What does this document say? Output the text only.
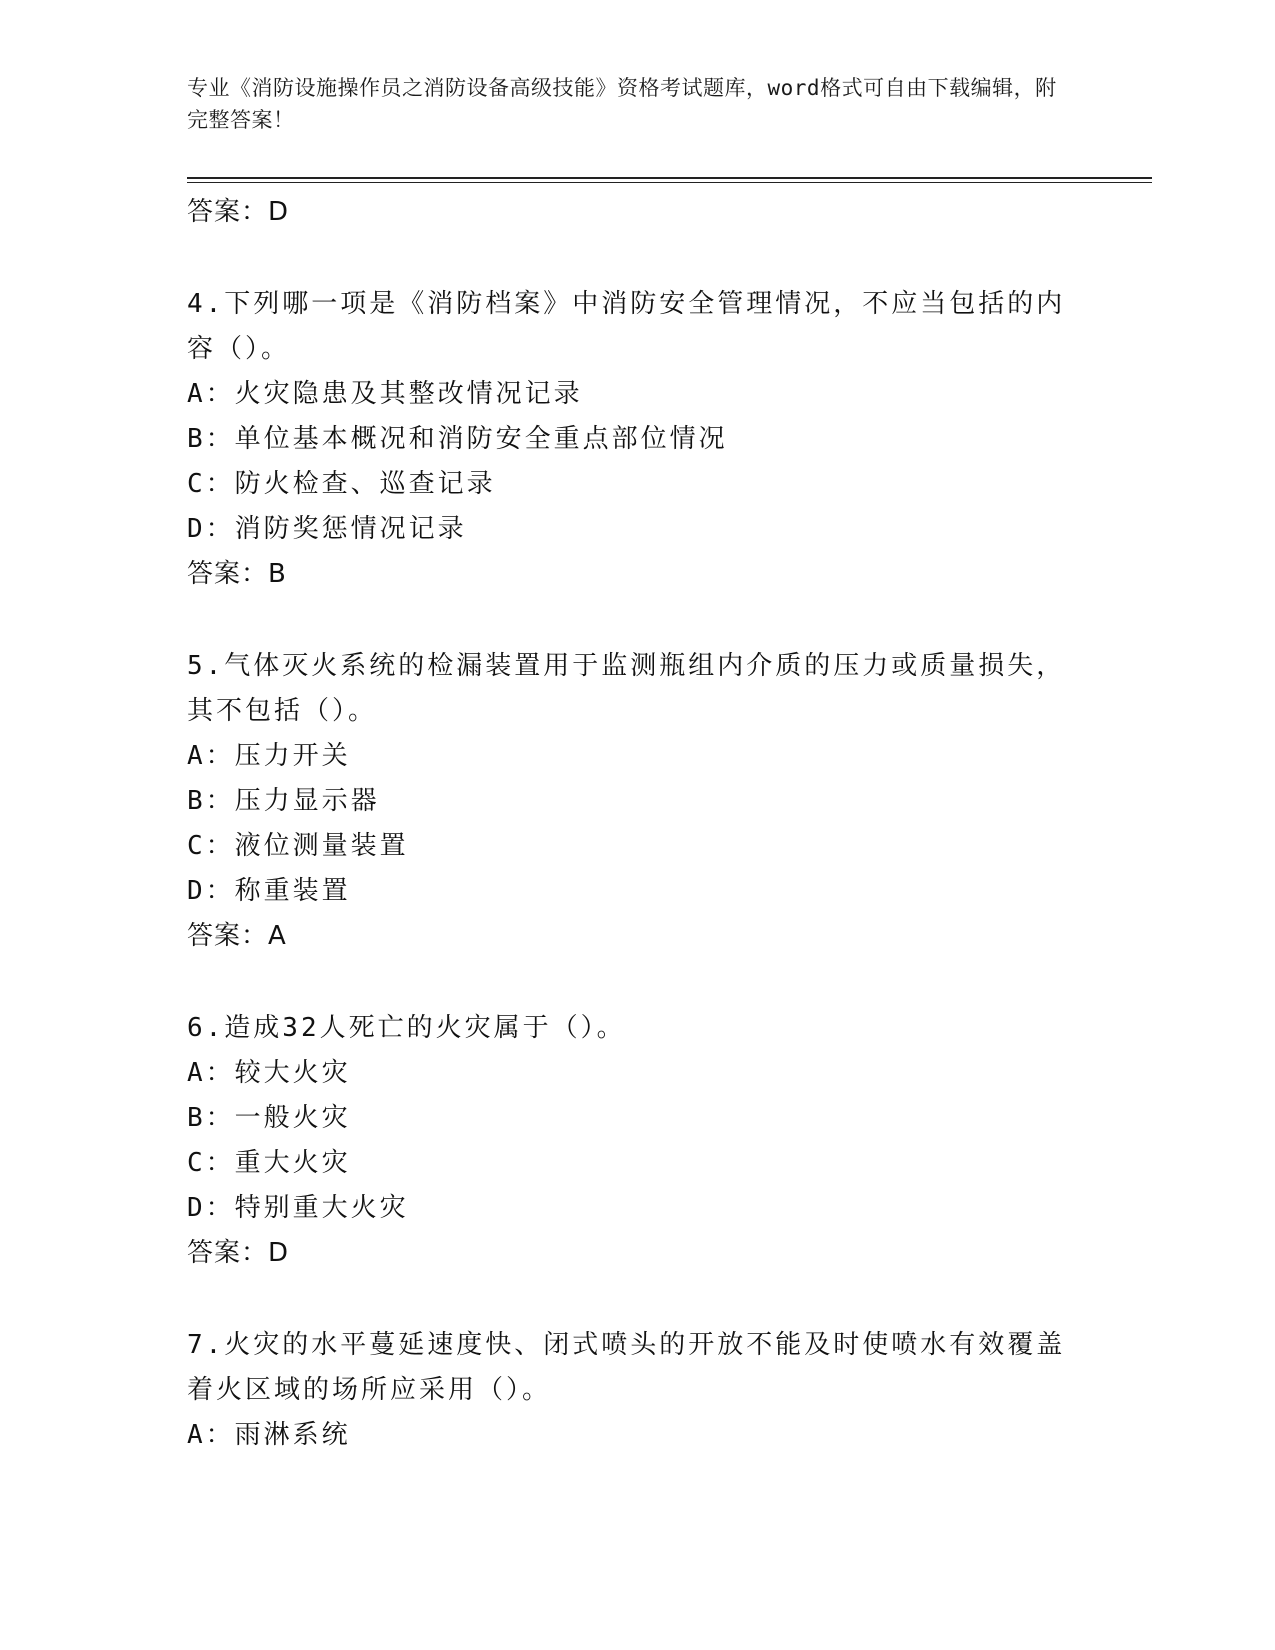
专业《消防设施操作员之消防设备高级技能》资格考试题库，word格式可自由下载编辑，附完整答案！
答案：D
4.下列哪一项是《消防档案》中消防安全管理情况，不应当包括的内容（）。
A：火灾隐患及其整改情况记录
B：单位基本概况和消防安全重点部位情况
C：防火检查、巡查记录
D：消防奖惩情况记录
答案：B
5.气体灭火系统的检漏装置用于监测瓶组内介质的压力或质量损失，其不包括（）。
A：压力开关
B：压力显示器
C：液位测量装置
D：称重装置
答案：A
6.造成32人死亡的火灾属于（）。
A：较大火灾
B：一般火灾
C：重大火灾
D：特别重大火灾
答案：D
7.火灾的水平蔓延速度快、闭式喷头的开放不能及时使喷水有效覆盖着火区域的场所应采用（）。
A：雨淋系统
